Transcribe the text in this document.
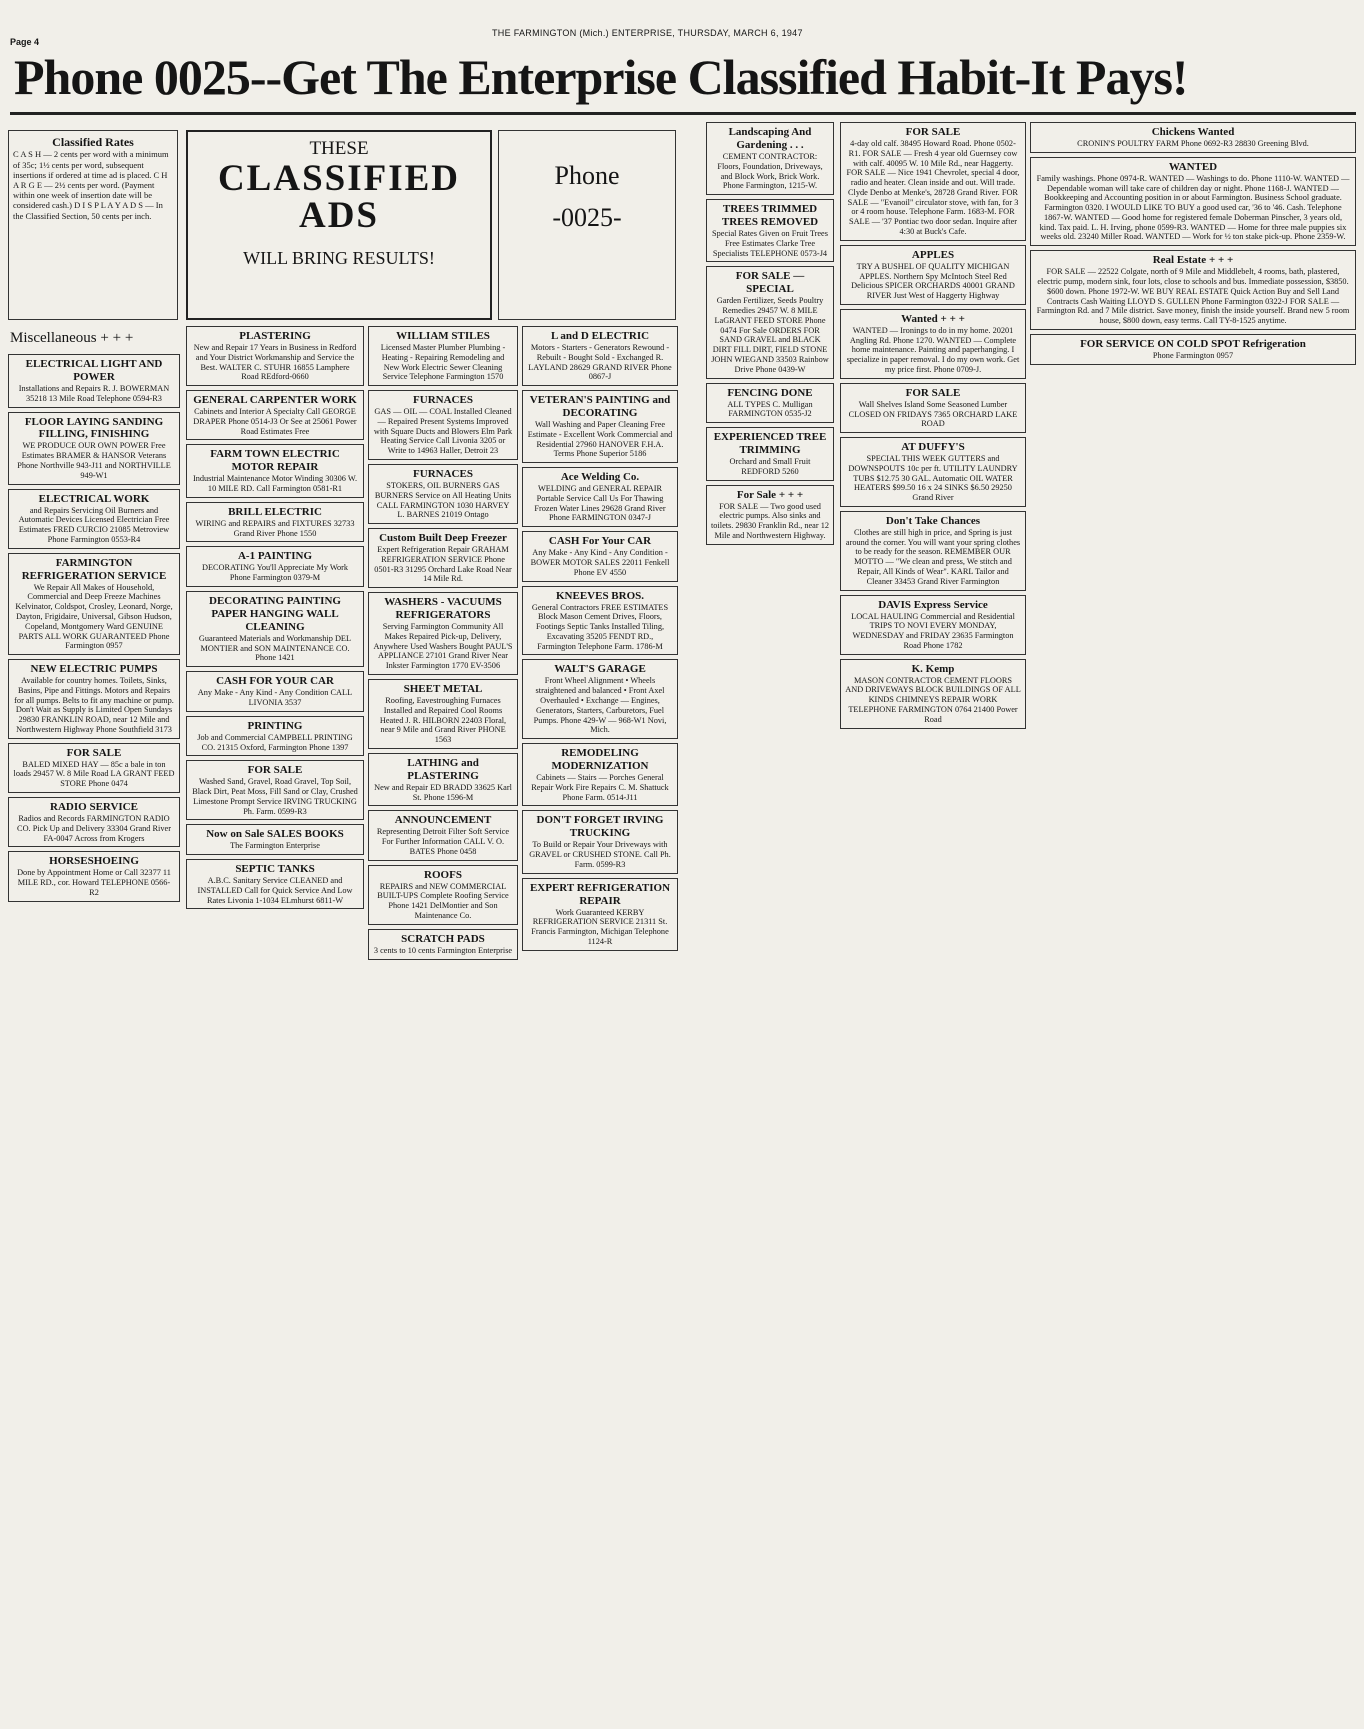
Page 4
THE FARMINGTON (Mich.) ENTERPRISE, THURSDAY, MARCH 6, 1947
Phone 0025--Get The Enterprise Classified Habit-It Pays!
Classified Rates
C A S H — 2 cents per word with a minimum of 35c; 1½ cents per word, subsequent insertions if ordered at time ad is placed. C H A R G E — 2½ cents per word. (Payment within one week of insertion date will be considered cash.) D I S P L A Y A D S — In the Classified Section, 50 cents per inch.
THESE
CLASSIFIED
ADS
WILL BRING RESULTS!
Phone
-0025-
Miscellaneous + + +
ELECTRICAL LIGHT AND POWER
Installations and Repairs R. J. BOWERMAN 35218 13 Mile Road Telephone 0594-R3
FLOOR LAYING SANDING FILLING, FINISHING
WE PRODUCE OUR OWN POWER Free Estimates BRAMER & HANSOR Veterans Phone Northville 943-J11 and NORTHVILLE 949-W1
ELECTRICAL WORK
and Repairs Servicing Oil Burners and Automatic Devices Licensed Electrician Free Estimates FRED CURCIO 21085 Metroview Phone Farmington 0553-R4
FARMINGTON REFRIGERATION SERVICE
We Repair All Makes of Household, Commercial and Deep Freeze Machines Kelvinator, Coldspot, Crosley, Leonard, Norge, Dayton, Frigidaire, Universal, Gibson Hudson, Copeland, Montgomery Ward GENUINE PARTS ALL WORK GUARANTEED Phone Farmington 0957
NEW ELECTRIC PUMPS
Available for country homes. Toilets, Sinks, Basins, Pipe and Fittings. Motors and Repairs for all pumps. Belts to fit any machine or pump. Don't Wait as Supply is Limited Open Sundays 29830 FRANKLIN ROAD, near 12 Mile and Northwestern Highway Phone Southfield 3173
FOR SALE
BALED MIXED HAY — 85c a bale in ton loads 29457 W. 8 Mile Road LA GRANT FEED STORE Phone 0474
RADIO SERVICE
Radios and Records FARMINGTON RADIO CO. Pick Up and Delivery 33304 Grand River FA-0047 Across from Krogers
HORSESHOEING
Done by Appointment Home or Call 32377 11 MILE RD., cor. Howard TELEPHONE 0566-R2
PLASTERING
New and Repair 17 Years in Business in Redford and Your District Workmanship and Service the Best. WALTER C. STUHR 16855 Lamphere Road REdford-0660
GENERAL CARPENTER WORK
Cabinets and Interior A Specialty Call GEORGE DRAPER Phone 0514-J3 Or See at 25061 Power Road Estimates Free
FARM TOWN ELECTRIC MOTOR REPAIR
Industrial Maintenance Motor Winding 30306 W. 10 MILE RD. Call Farmington 0581-R1
BRILL ELECTRIC
WIRING and REPAIRS and FIXTURES 32733 Grand River Phone 1550
A-1 PAINTING
DECORATING You'll Appreciate My Work Phone Farmington 0379-M
DECORATING PAINTING PAPER HANGING WALL CLEANING
Guaranteed Materials and Workmanship DEL MONTIER and SON MAINTENANCE CO. Phone 1421
CASH FOR YOUR CAR
Any Make - Any Kind - Any Condition CALL LIVONIA 3537
PRINTING
Job and Commercial CAMPBELL PRINTING CO. 21315 Oxford, Farmington Phone 1397
FOR SALE
Washed Sand, Gravel, Road Gravel, Top Soil, Black Dirt, Peat Moss, Fill Sand or Clay, Crushed Limestone Prompt Service IRVING TRUCKING Ph. Farm. 0599-R3
Now on Sale SALES BOOKS
The Farmington Enterprise
SEPTIC TANKS
A.B.C. Sanitary Service CLEANED and INSTALLED Call for Quick Service And Low Rates Livonia 1-1034 ELmhurst 6811-W
WILLIAM STILES
Licensed Master Plumber Plumbing - Heating - Repairing Remodeling and New Work Electric Sewer Cleaning Service Telephone Farmington 1570
FURNACES
GAS — OIL — COAL Installed Cleaned — Repaired Present Systems Improved with Square Ducts and Blowers Elm Park Heating Service Call Livonia 3205 or Write to 14963 Haller, Detroit 23
FURNACES
STOKERS, OIL BURNERS GAS BURNERS Service on All Heating Units CALL FARMINGTON 1030 HARVEY L. BARNES 21019 Ontago
Custom Built Deep Freezer
Expert Refrigeration Repair GRAHAM REFRIGERATION SERVICE Phone 0501-R3 31295 Orchard Lake Road Near 14 Mile Rd.
WASHERS - VACUUMS REFRIGERATORS
Serving Farmington Community All Makes Repaired Pick-up, Delivery, Anywhere Used Washers Bought PAUL'S APPLIANCE 27101 Grand River Near Inkster Farmington 1770 EV-3506
SHEET METAL
Roofing, Eavestroughing Furnaces Installed and Repaired Cool Rooms Heated J. R. HILBORN 22403 Floral, near 9 Mile and Grand River PHONE 1563
LATHING and PLASTERING
New and Repair ED BRADD 33625 Karl St. Phone 1596-M
ANNOUNCEMENT
Representing Detroit Filter Soft Service For Further Information CALL V. O. BATES Phone 0458
ROOFS
REPAIRS and NEW COMMERCIAL BUILT-UPS Complete Roofing Service Phone 1421 DelMontier and Son Maintenance Co.
SCRATCH PADS
3 cents to 10 cents Farmington Enterprise
L and D ELECTRIC
Motors - Starters - Generators Rewound - Rebuilt - Bought Sold - Exchanged R. LAYLAND 28629 GRAND RIVER Phone 0867-J
VETERAN'S PAINTING and DECORATING
Wall Washing and Paper Cleaning Free Estimate - Excellent Work Commercial and Residential 27960 HANOVER F.H.A. Terms Phone Superior 5186
Ace Welding Co.
WELDING and GENERAL REPAIR Portable Service Call Us For Thawing Frozen Water Lines 29628 Grand River Phone FARMINGTON 0347-J
CASH For Your CAR
Any Make - Any Kind - Any Condition - BOWER MOTOR SALES 22011 Fenkell Phone EV 4550
KNEEVES BROS.
General Contractors FREE ESTIMATES Block Mason Cement Drives, Floors, Footings Septic Tanks Installed Tiling, Excavating 35205 FENDT RD., Farmington Telephone Farm. 1786-M
WALT'S GARAGE
Front Wheel Alignment • Wheels straightened and balanced • Front Axel Overhauled • Exchange — Engines, Generators, Starters, Carburetors, Fuel Pumps. Phone 429-W — 968-W1 Novi, Mich.
REMODELING MODERNIZATION
Cabinets — Stairs — Porches General Repair Work Fire Repairs C. M. Shattuck Phone Farm. 0514-J11
DON'T FORGET IRVING TRUCKING
To Build or Repair Your Driveways with GRAVEL or CRUSHED STONE. Call Ph. Farm. 0599-R3
EXPERT REFRIGERATION REPAIR
Work Guaranteed KERBY REFRIGERATION SERVICE 21311 St. Francis Farmington, Michigan Telephone 1124-R
Landscaping And Gardening . . .
CEMENT CONTRACTOR: Floors, Foundation, Driveways, and Block Work, Brick Work. Phone Farmington, 1215-W.
TREES TRIMMED TREES REMOVED
Special Rates Given on Fruit Trees Free Estimates Clarke Tree Specialists TELEPHONE 0573-J4
FOR SALE — SPECIAL
Garden Fertilizer, Seeds Poultry Remedies 29457 W. 8 MILE LaGRANT FEED STORE Phone 0474 For Sale ORDERS FOR SAND GRAVEL and BLACK DIRT FILL DIRT, FIELD STONE JOHN WIEGAND 33503 Rainbow Drive Phone 0439-W
FENCING DONE
ALL TYPES C. Mulligan FARMINGTON 0535-J2
EXPERIENCED TREE TRIMMING
Orchard and Small Fruit REDFORD 5260
For Sale + + +
FOR SALE — Two good used electric pumps. Also sinks and toilets. 29830 Franklin Rd., near 12 Mile and Northwestern Highway.
FOR SALE
4-day old calf. 38495 Howard Road. Phone 0502-R1. FOR SALE — Fresh 4 year old Guernsey cow with calf. 40095 W. 10 Mile Rd., near Haggerty. FOR SALE — Nice 1941 Chevrolet, special 4 door, radio and heater. Clean inside and out. Will trade. Clyde Denbo at Menke's, 28728 Grand River. FOR SALE — "Evanoil" circulator stove, with fan, for 3 or 4 room house. Telephone Farm. 1683-M. FOR SALE — '37 Pontiac two door sedan. Inquire after 4:30 at Buck's Cafe.
APPLES
TRY A BUSHEL OF QUALITY MICHIGAN APPLES. Northern Spy McIntoch Steel Red Delicious SPICER ORCHARDS 40001 GRAND RIVER Just West of Haggerty Highway
Wanted + + +
WANTED — Ironings to do in my home. 20201 Angling Rd. Phone 1270. WANTED — Complete home maintenance. Painting and paperhanging. I specialize in paper removal. I do my own work. Get my price first. Phone 0709-J.
FOR SALE
Wall Shelves Island Some Seasoned Lumber CLOSED ON FRIDAYS 7365 ORCHARD LAKE ROAD
AT DUFFY'S
SPECIAL THIS WEEK GUTTERS and DOWNSPOUTS 10c per ft. UTILITY LAUNDRY TUBS $12.75 30 GAL. Automatic OIL WATER HEATERS $99.50 16 x 24 SINKS $6.50 29250 Grand River
Don't Take Chances
Clothes are still high in price, and Spring is just around the corner. You will want your spring clothes to be ready for the season. REMEMBER OUR MOTTO — "We clean and press, We stitch and Repair, All Kinds of Wear". KARL Tailor and Cleaner 33453 Grand River Farmington
DAVIS Express Service
LOCAL HAULING Commercial and Residential TRIPS TO NOVI EVERY MONDAY, WEDNESDAY and FRIDAY 23635 Farmington Road Phone 1782
K. Kemp
MASON CONTRACTOR CEMENT FLOORS AND DRIVEWAYS BLOCK BUILDINGS OF ALL KINDS CHIMNEYS REPAIR WORK TELEPHONE FARMINGTON 0764 21400 Power Road
Chickens Wanted
CRONIN'S POULTRY FARM Phone 0692-R3 28830 Greening Blvd.
WANTED
Family washings. Phone 0974-R. WANTED — Washings to do. Phone 1110-W. WANTED — Dependable woman will take care of children day or night. Phone 1168-J. WANTED — Bookkeeping and Accounting position in or about Farmington. Business School graduate. Farmington 0320. I WOULD LIKE TO BUY a good used car, '36 to '46. Cash. Telephone 1867-W. WANTED — Good home for registered female Doberman Pinscher, 3 years old, kind. Tax paid. L. H. Irving, phone 0599-R3. WANTED — Home for three male puppies six weeks old. 23240 Miller Road. WANTED — Work for ½ ton stake pick-up. Phone 2359-W.
Real Estate + + +
FOR SALE — 22522 Colgate, north of 9 Mile and Middlebelt, 4 rooms, bath, plastered, electric pump, modern sink, four lots, close to schools and bus. Immediate possession, $3850. $600 down. Phone 1972-W. WE BUY REAL ESTATE Quick Action Buy and Sell Land Contracts Cash Waiting LLOYD S. GULLEN Phone Farmington 0322-J FOR SALE — Farmington Rd. and 7 Mile district. Save money, finish the inside yourself. Brand new 5 room house, $800 down, easy terms. Call TY-8-1525 anytime.
FOR SERVICE ON COLD SPOT Refrigeration
Phone Farmington 0957
